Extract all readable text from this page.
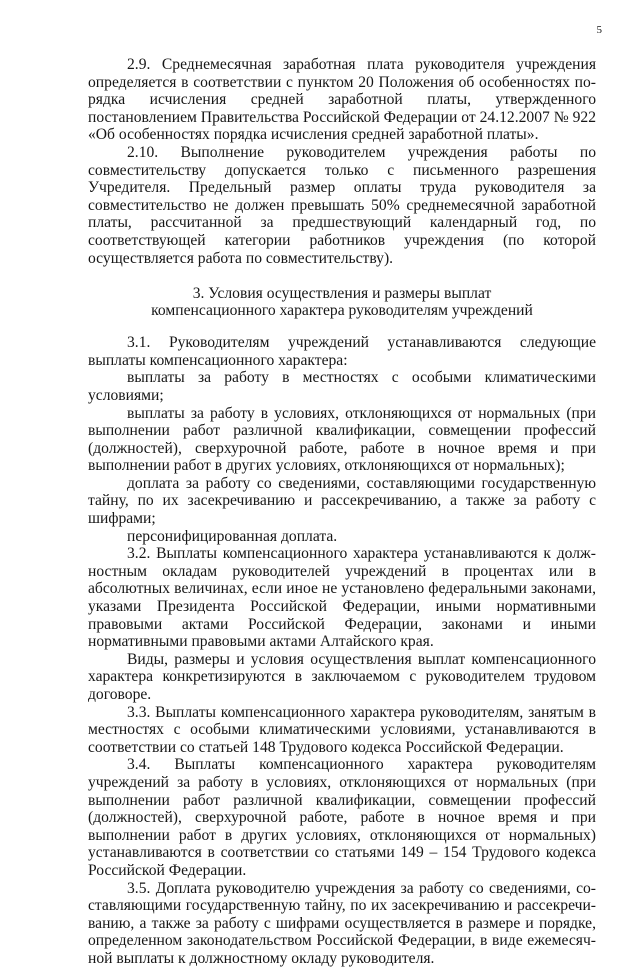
5

2.9. Среднемесячная заработная плата руководителя учреждения определяется в соответствии с пунктом 20 Положения об особенностях порядка исчисления средней заработной платы, утвержденного постановлением Правительства Российской Федерации от 24.12.2007 № 922 «Об особенностях порядка исчисления средней заработной платы».

2.10. Выполнение руководителем учреждения работы по совместительству допускается только с письменного разрешения Учредителя. Предельный размер оплаты труда руководителя за совместительство не должен превышать 50% среднемесячной заработной платы, рассчитанной за предшествующий календарный год, по соответствующей категории работников учреждения (по которой осуществляется работа по совместительству).

3. Условия осуществления и размеры выплат
компенсационного характера руководителям учреждений

3.1. Руководителям учреждений устанавливаются следующие выплаты компенсационного характера:

выплаты за работу в местностях с особыми климатическими условиями;

выплаты за работу в условиях, отклоняющихся от нормальных (при выполнении работ различной квалификации, совмещении профессий (должностей), сверхурочной работе, работе в ночное время и при выполнении работ в других условиях, отклоняющихся от нормальных);

доплата за работу со сведениями, составляющими государственную тайну, по их засекречиванию и рассекречиванию, а также за работу с шифрами;

персонифицированная доплата.

3.2. Выплаты компенсационного характера устанавливаются к должностным окладам руководителей учреждений в процентах или в абсолютных величинах, если иное не установлено федеральными законами, указами Президента Российской Федерации, иными нормативными правовыми актами Российской Федерации, законами и иными нормативными правовыми актами Алтайского края.

Виды, размеры и условия осуществления выплат компенсационного характера конкретизируются в заключаемом с руководителем трудовом договоре.

3.3. Выплаты компенсационного характера руководителям, занятым в местностях с особыми климатическими условиями, устанавливаются в соответствии со статьей 148 Трудового кодекса Российской Федерации.

3.4. Выплаты компенсационного характера руководителям учреждений за работу в условиях, отклоняющихся от нормальных (при выполнении работ различной квалификации, совмещении профессий (должностей), сверхурочной работе, работе в ночное время и при выполнении работ в других условиях, отклоняющихся от нормальных) устанавливаются в соответствии со статьями 149 – 154 Трудового кодекса Российской Федерации.

3.5. Доплата руководителю учреждения за работу со сведениями, составляющими государственную тайну, по их засекречиванию и рассекречиванию, а также за работу с шифрами осуществляется в размере и порядке, определенном законодательством Российской Федерации, в виде ежемесячной выплаты к должностному окладу руководителя.
